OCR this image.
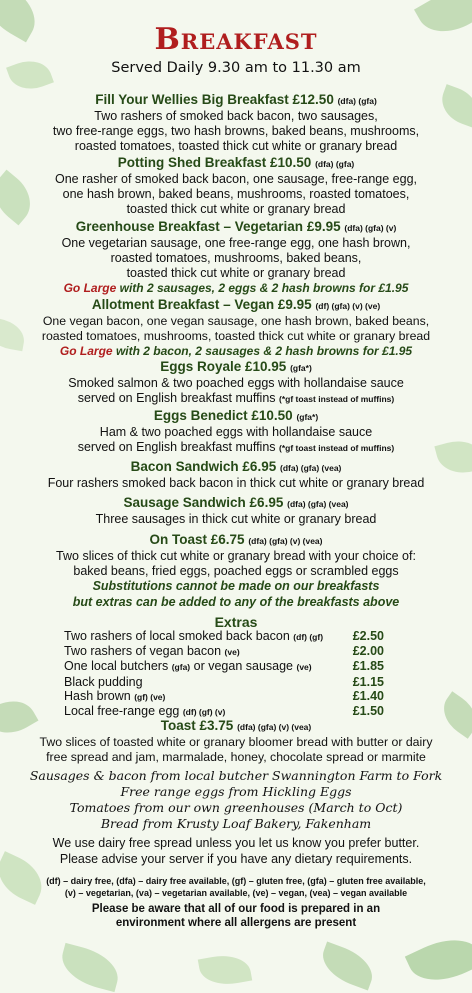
Breakfast
Served Daily 9.30 am to 11.30 am
Fill Your Wellies Big Breakfast £12.50 (dfa) (gfa)
Two rashers of smoked back bacon, two sausages,
two free-range eggs, two hash browns, baked beans, mushrooms,
roasted tomatoes, toasted thick cut white or granary bread
Potting Shed Breakfast £10.50 (dfa) (gfa)
One rasher of smoked back bacon, one sausage, free-range egg,
one hash brown, baked beans, mushrooms, roasted tomatoes,
toasted thick cut white or granary bread
Greenhouse Breakfast – Vegetarian £9.95 (dfa) (gfa) (v)
One vegetarian sausage, one free-range egg, one hash brown,
roasted tomatoes, mushrooms, baked beans,
toasted thick cut white or granary bread
Go Large with 2 sausages, 2 eggs & 2 hash browns for £1.95
Allotment Breakfast – Vegan £9.95 (df) (gfa) (v) (ve)
One vegan bacon, one vegan sausage, one hash brown, baked beans,
roasted tomatoes, mushrooms, toasted thick cut white or granary bread
Go Large with 2 bacon, 2 sausages & 2 hash browns for £1.95
Eggs Royale £10.95 (gfa*)
Smoked salmon & two poached eggs with hollandaise sauce
served on English breakfast muffins (*gf toast instead of muffins)
Eggs Benedict £10.50 (gfa*)
Ham & two poached eggs with hollandaise sauce
served on English breakfast muffins (*gf toast instead of muffins)
Bacon Sandwich £6.95 (dfa) (gfa) (vea)
Four rashers smoked back bacon in thick cut white or granary bread
Sausage Sandwich £6.95 (dfa) (gfa) (vea)
Three sausages in thick cut white or granary bread
On Toast £6.75 (dfa) (gfa) (v) (vea)
Two slices of thick cut white or granary bread with your choice of:
baked beans, fried eggs, poached eggs or scrambled eggs
Substitutions cannot be made on our breakfasts
but extras can be added to any of the breakfasts above
Extras
Two rashers of local smoked back bacon (df) (gf) £2.50
Two rashers of vegan bacon (ve)	£2.00
One local butchers (gfa) or vegan sausage (ve)	£1.85
Black pudding	£1.15
Hash brown (gf) (ve)	£1.40
Local free-range egg (df) (gf) (v)	£1.50
Toast £3.75 (dfa) (gfa) (v) (vea)
Two slices of toasted white or granary bloomer bread with butter or dairy
free spread and jam, marmalade, honey, chocolate spread or marmite
Sausages & bacon from local butcher Swannington Farm to Fork
Free range eggs from Hickling Eggs
Tomatoes from our own greenhouses (March to Oct)
Bread from Krusty Loaf Bakery, Fakenham
We use dairy free spread unless you let us know you prefer butter.
Please advise your server if you have any dietary requirements.
(df) – dairy free, (dfa) – dairy free available, (gf) – gluten free, (gfa) – gluten free available,
(v) – vegetarian, (va) – vegetarian available, (ve) – vegan, (vea) – vegan available
Please be aware that all of our food is prepared in an
environment where all allergens are present
